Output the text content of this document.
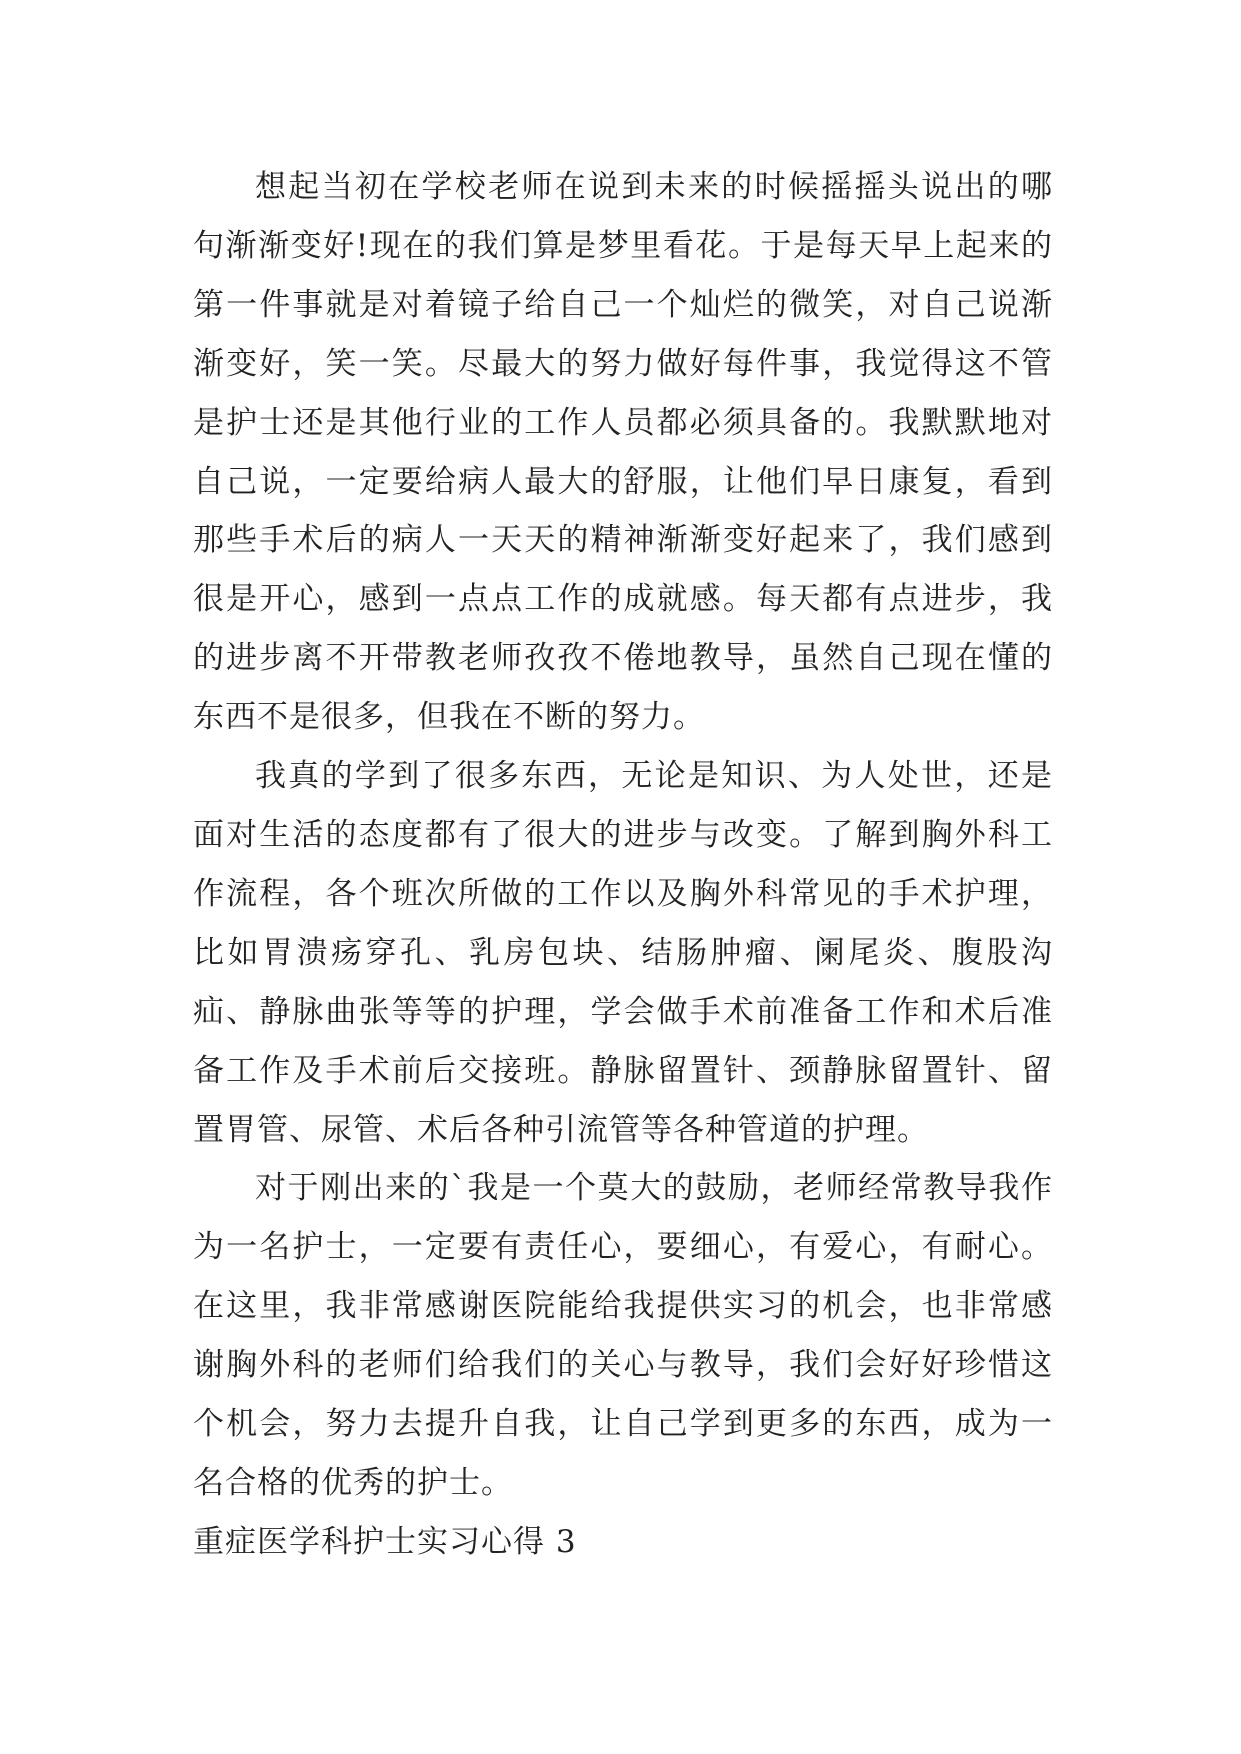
想起当初在学校老师在说到未来的时候摇摇头说出的哪句渐渐变好!现在的我们算是梦里看花。于是每天早上起来的第一件事就是对着镜子给自己一个灿烂的微笑，对自己说渐渐变好，笑一笑。尽最大的努力做好每件事，我觉得这不管是护士还是其他行业的工作人员都必须具备的。我默默地对自己说，一定要给病人最大的舒服，让他们早日康复，看到那些手术后的病人一天天的精神渐渐变好起来了，我们感到很是开心，感到一点点工作的成就感。每天都有点进步，我的进步离不开带教老师孜孜不倦地教导，虽然自己现在懂的东西不是很多，但我在不断的努力。

我真的学到了很多东西，无论是知识、为人处世，还是面对生活的态度都有了很大的进步与改变。了解到胸外科工作流程，各个班次所做的工作以及胸外科常见的手术护理，比如胃溃疡穿孔、乳房包块、结肠肿瘤、阑尾炎、腹股沟疝、静脉曲张等等的护理，学会做手术前准备工作和术后准备工作及手术前后交接班。静脉留置针、颈静脉留置针、留置胃管、尿管、术后各种引流管等各种管道的护理。

对于刚出来的`我是一个莫大的鼓励，老师经常教导我作为一名护士，一定要有责任心，要细心，有爱心，有耐心。在这里，我非常感谢医院能给我提供实习的机会，也非常感谢胸外科的老师们给我们的关心与教导，我们会好好珍惜这个机会，努力去提升自我，让自己学到更多的东西，成为一名合格的优秀的护士。

重症医学科护士实习心得 3
